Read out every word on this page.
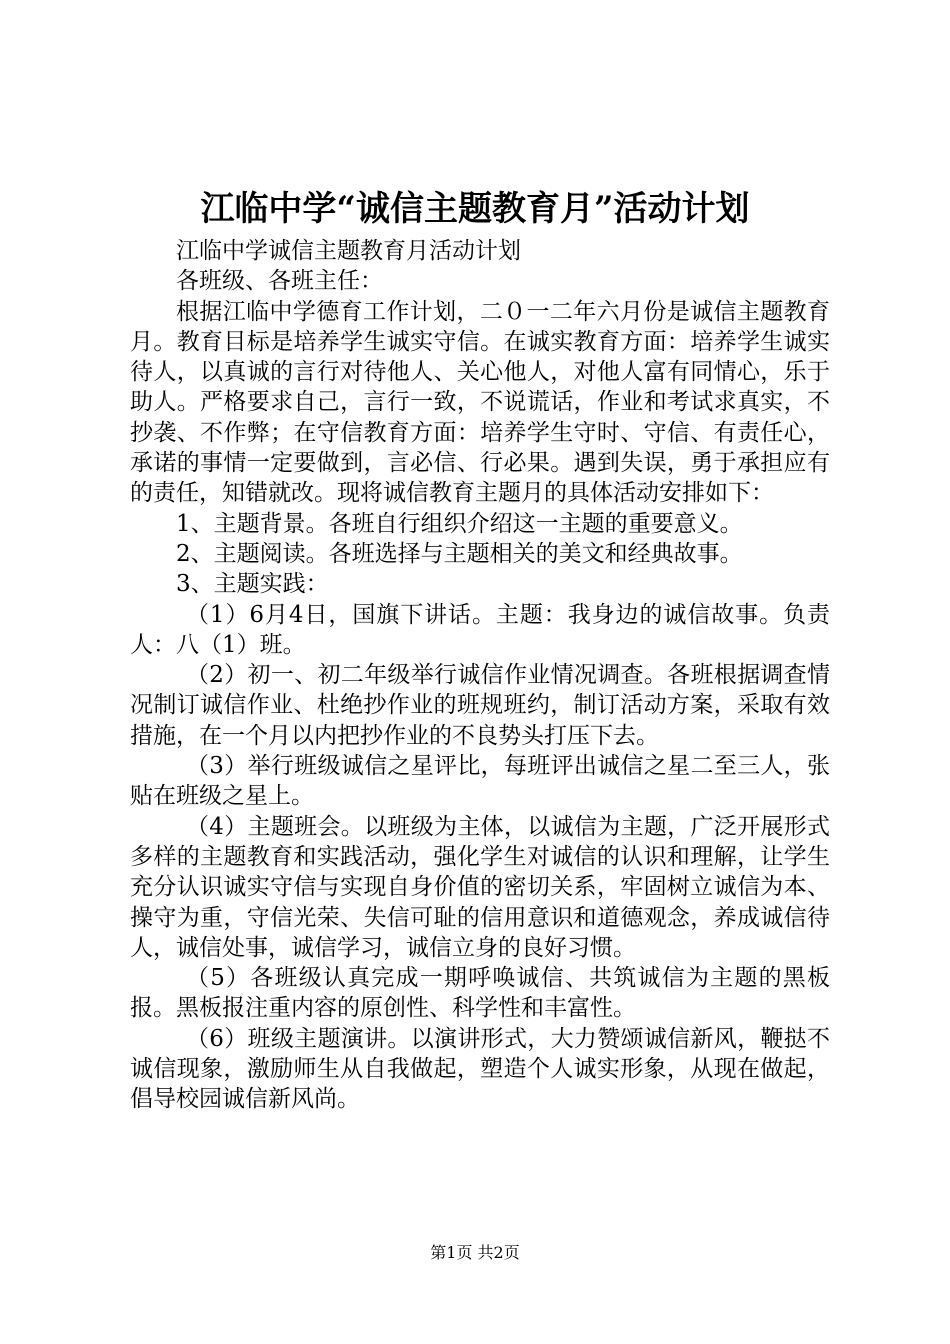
江临中学“诚信主题教育月”活动计划

江临中学诚信主题教育月活动计划

各班级、各班主任：

根据江临中学德育工作计划，二０一二年六月份是诚信主题教育月。教育目标是培养学生诚实守信。在诚实教育方面：培养学生诚实待人，以真诚的言行对待他人、关心他人，对他人富有同情心，乐于助人。严格要求自己，言行一致，不说谎话，作业和考试求真实，不抄袭、不作弊；在守信教育方面：培养学生守时、守信、有责任心，承诺的事情一定要做到，言必信、行必果。遇到失误，勇于承担应有的责任，知错就改。现将诚信教育主题月的具体活动安排如下：

1、主题背景。各班自行组织介绍这一主题的重要意义。

2、主题阅读。各班选择与主题相关的美文和经典故事。

3、主题实践：

（1）6月4日，国旗下讲话。主题：我身边的诚信故事。负责人：八（1）班。

（2）初一、初二年级举行诚信作业情况调查。各班根据调查情况制订诚信作业、杜绝抄作业的班规班约，制订活动方案，采取有效措施，在一个月以内把抄作业的不良势头打压下去。

（3）举行班级诚信之星评比，每班评出诚信之星二至三人，张贴在班级之星上。

（4）主题班会。以班级为主体，以诚信为主题，广泛开展形式多样的主题教育和实践活动，强化学生对诚信的认识和理解，让学生充分认识诚实守信与实现自身价值的密切关系，牢固树立诚信为本、操守为重，守信光荣、失信可耻的信用意识和道德观念，养成诚信待人，诚信处事，诚信学习，诚信立身的良好习惯。

（5）各班级认真完成一期呼唤诚信、共筑诚信为主题的黑板报。黑板报注重内容的原创性、科学性和丰富性。

（6）班级主题演讲。以演讲形式，大力赞颂诚信新风，鞭挞不诚信现象，激励师生从自我做起，塑造个人诚实形象，从现在做起，倡导校园诚信新风尚。

第1页 共2页
